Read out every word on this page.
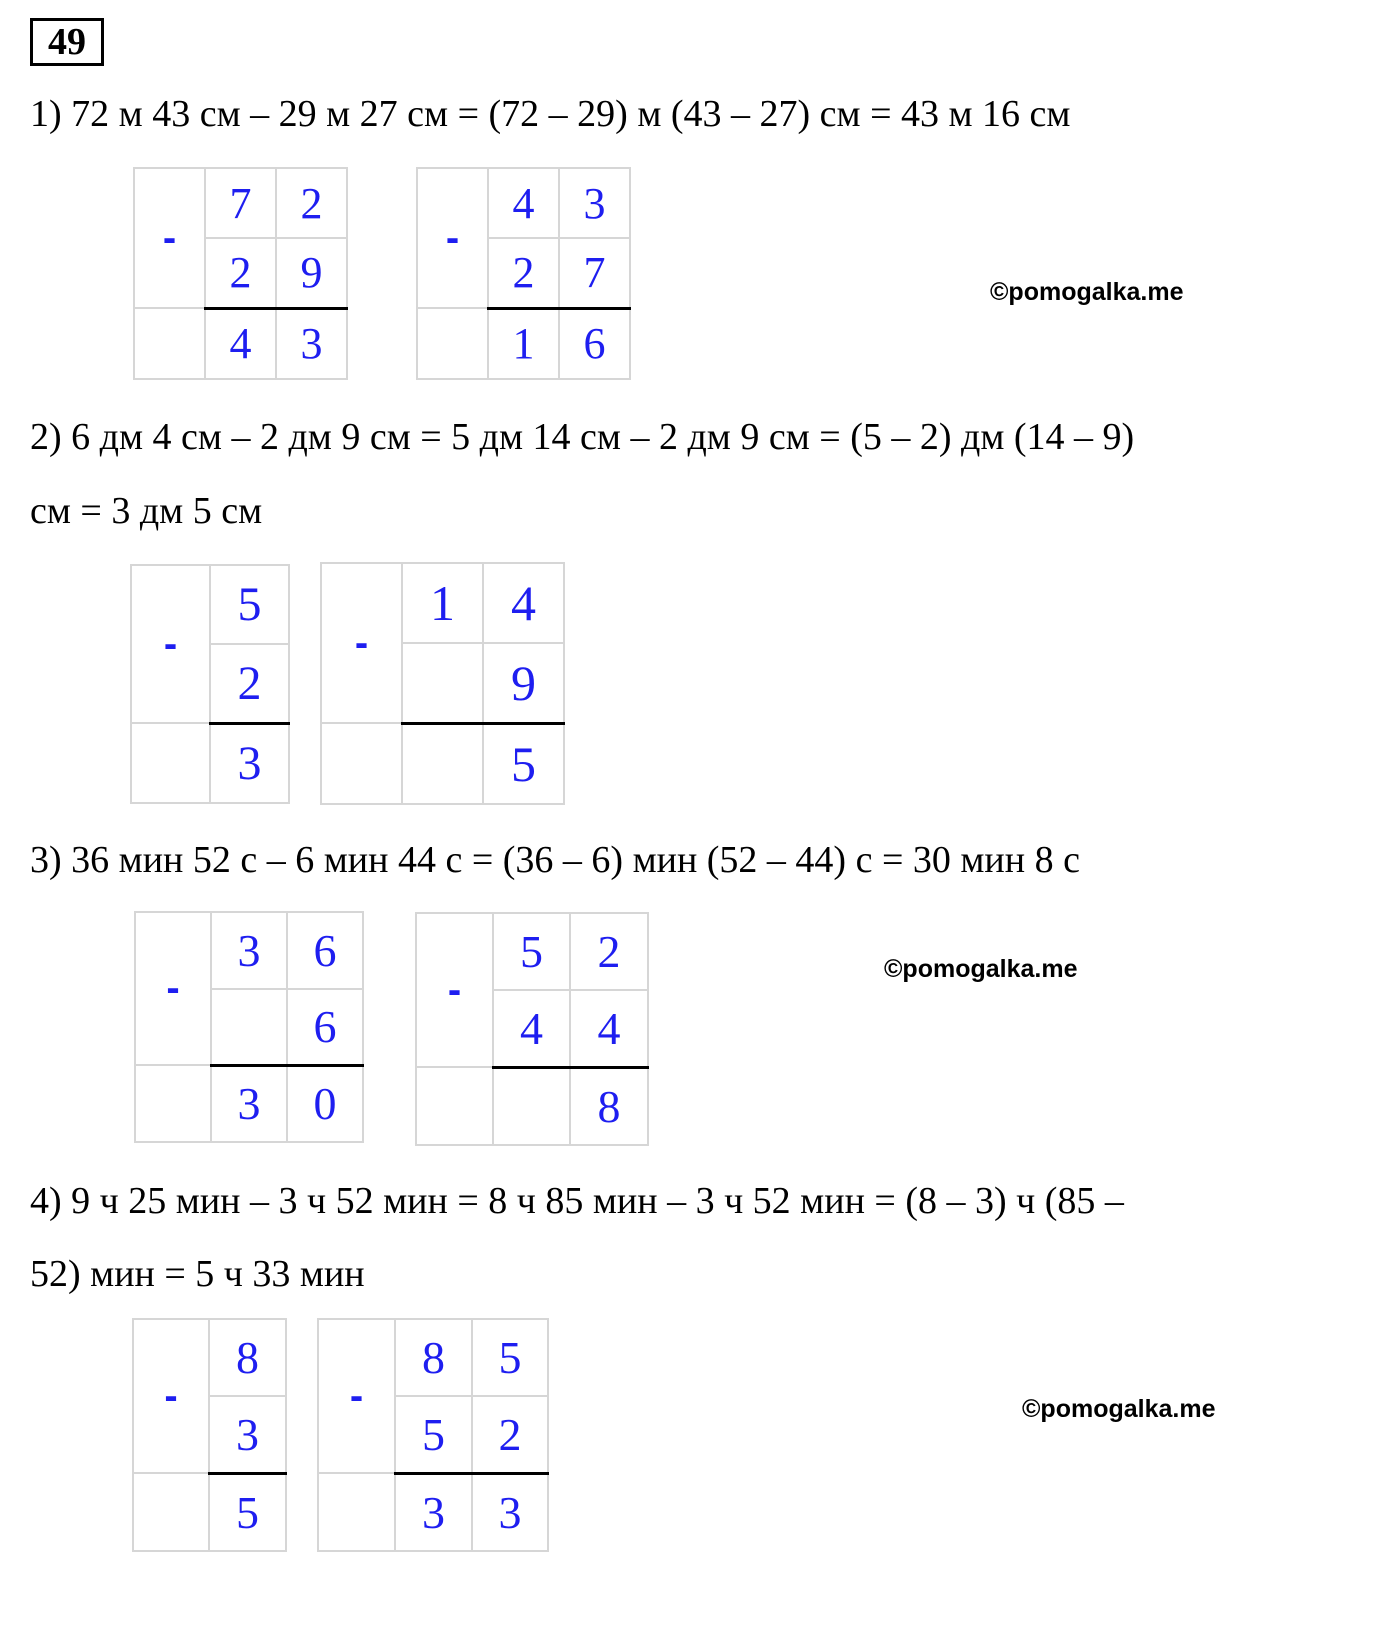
49
1) 72 м 43 см – 29 м 27 см = (72 – 29) м (43 – 27) см = 43 м 16 см
-	7	2
	2	9
	4	3
-	4	3
	2	7
	1	6
©pomogalka.me
2) 6 дм 4 см – 2 дм 9 см = 5 дм 14 см – 2 дм 9 см = (5 – 2) дм (14 – 9)
см = 3 дм 5 см
-	5
	2
	3
-	1	4
		9
		5
3) 36 мин 52 с – 6 мин 44 с = (36 – 6) мин (52 – 44) с = 30 мин 8 с
-	3	6
		6
	3	0
-	5	2
	4	4
		8
©pomogalka.me
4) 9 ч 25 мин – 3 ч 52 мин = 8 ч 85 мин – 3 ч 52 мин = (8 – 3) ч (85 –
52) мин = 5 ч 33 мин
-	8
	3
	5
-	8	5
	5	2
	3	3
©pomogalka.me
